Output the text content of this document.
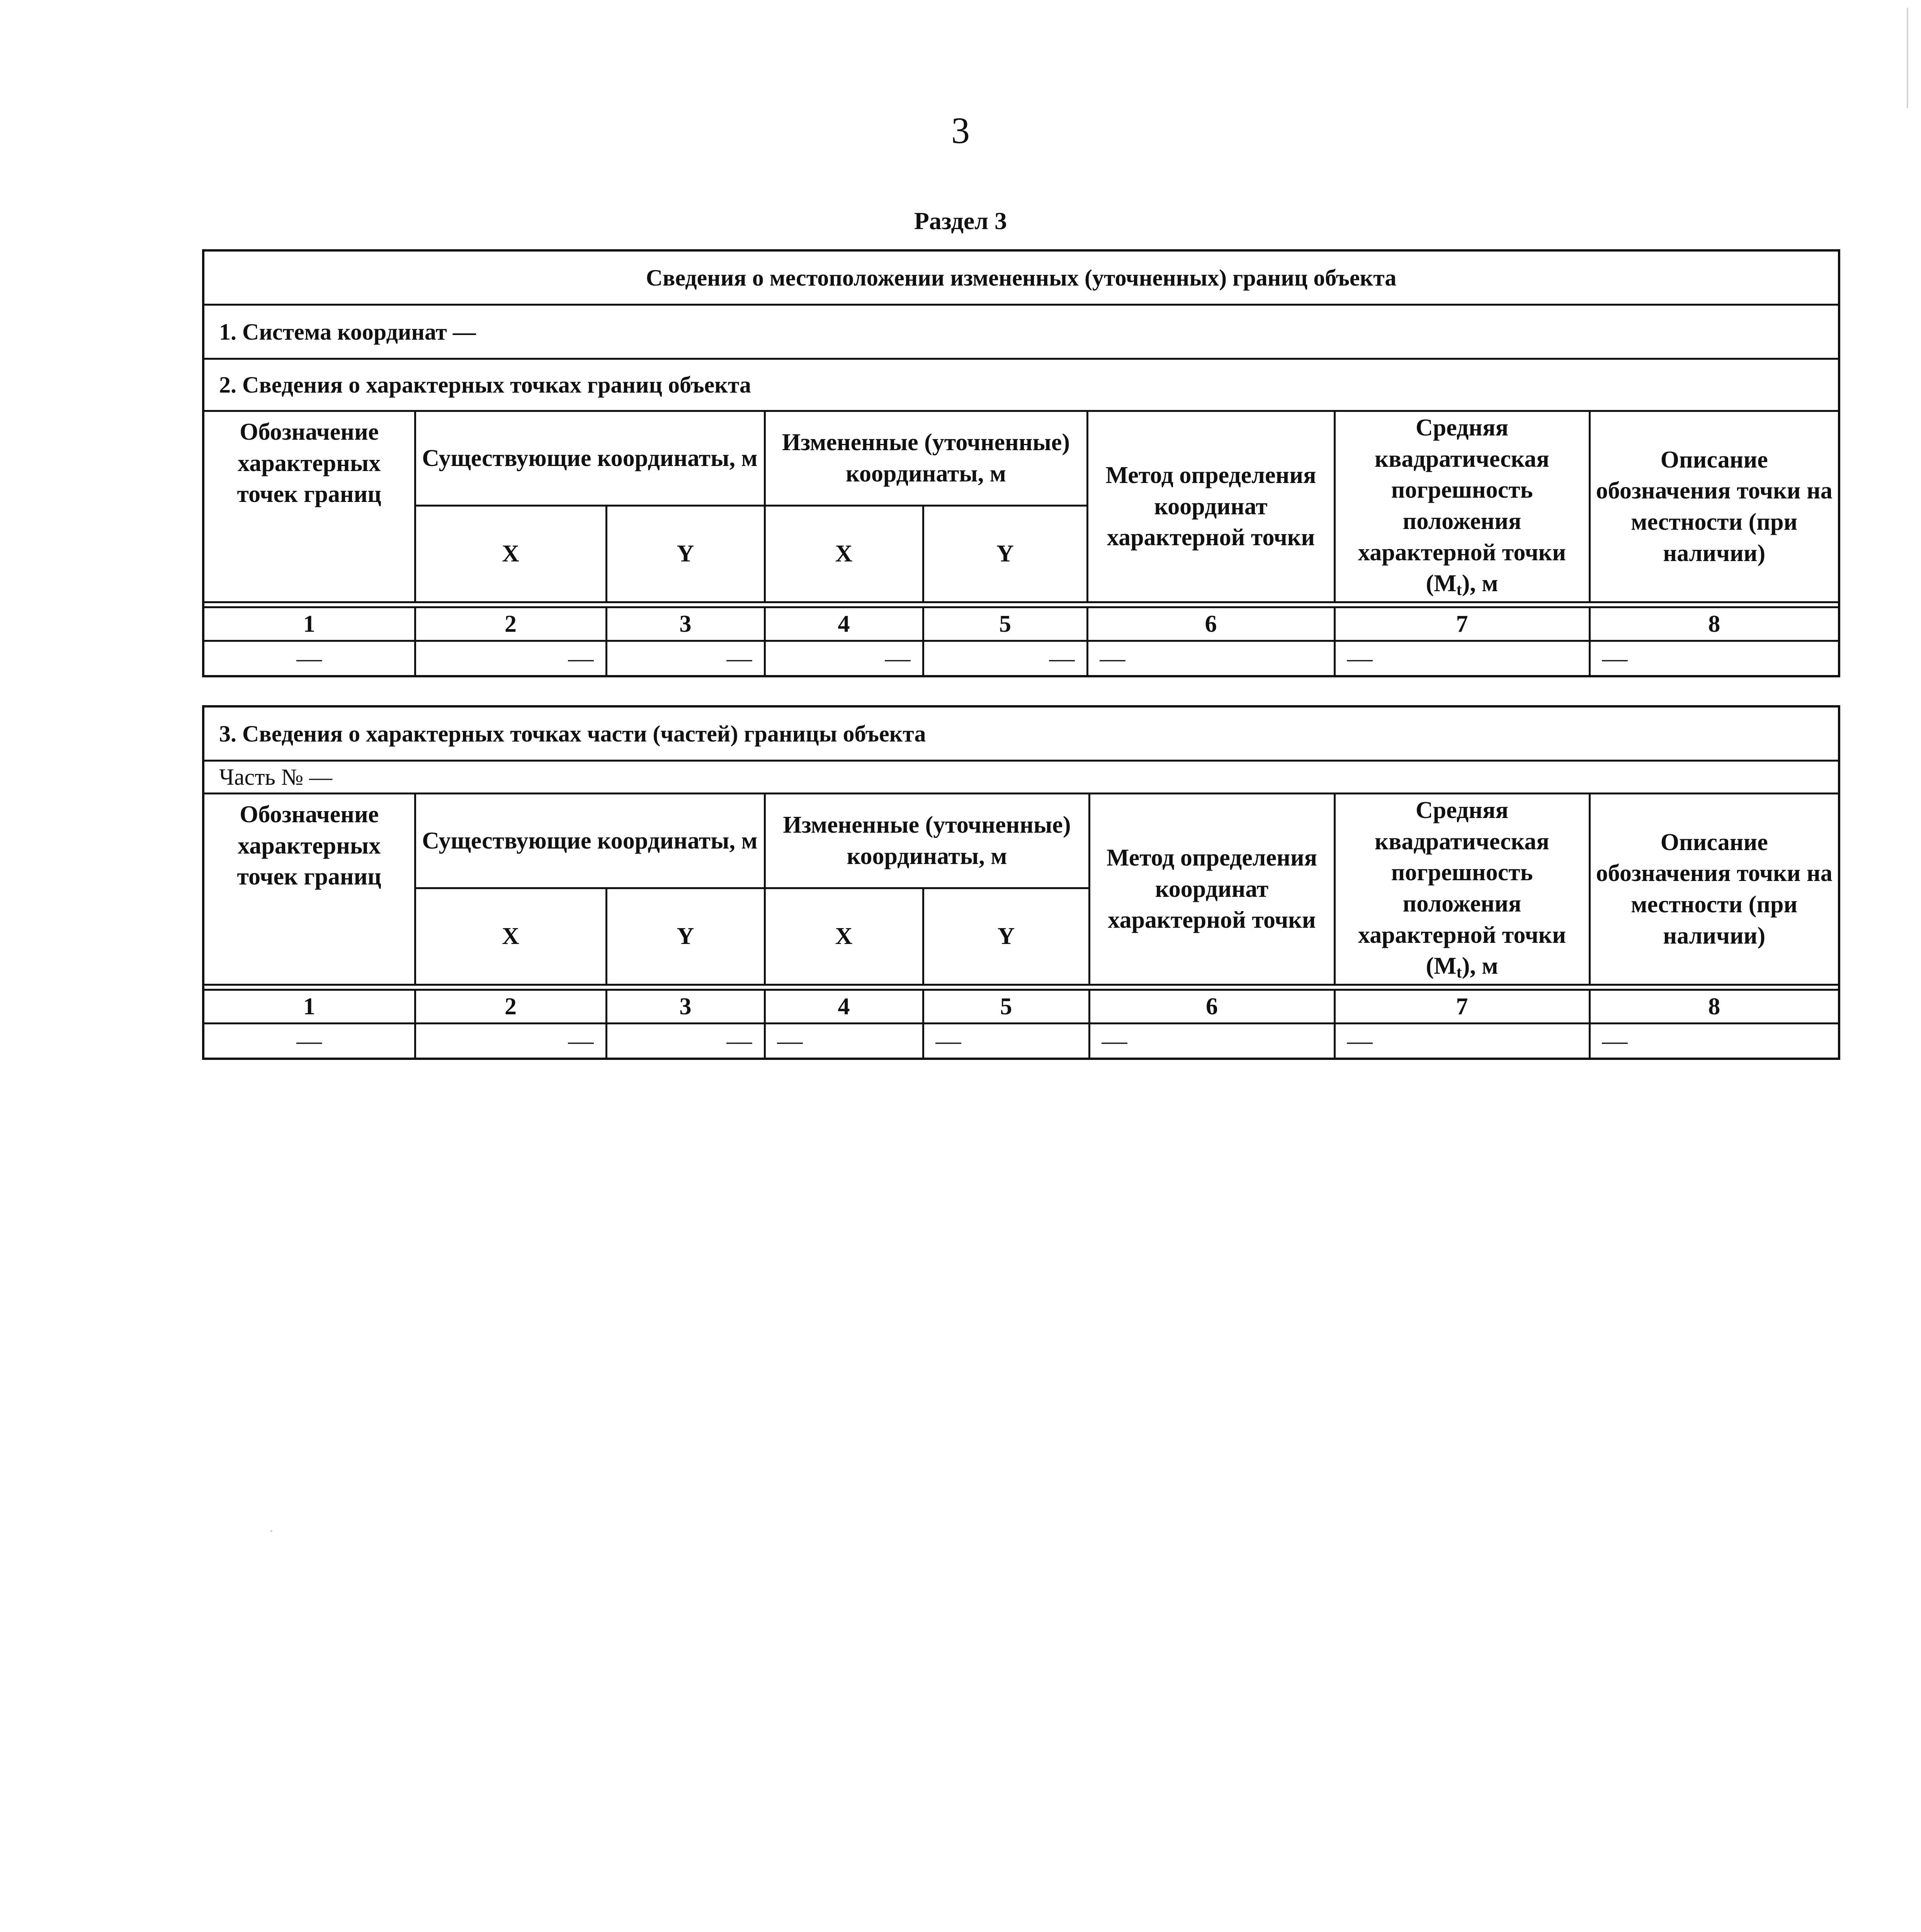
3
Раздел 3
Сведения о местоположении измененных (уточненных) границ объекта
1. Система координат —
2. Сведения о характерных точках границ объекта
Обозначение характерных точек границ	Существующие координаты, м		Измененные (уточненные) координаты, м		Метод определения координат характерной точки	Средняя квадратическая погрешность положения характерной точки $(M_t)$, м	Описание обозначения точки на местности (при наличии)
	X	Y	X	Y			

1	2	3	4	5	6	7	8
—	—	—	—	—	—	—	—
3. Сведения о характерных точках части (частей) границы объекта
Часть № —
Обозначение характерных точек границ	Существующие координаты, м		Измененные (уточненные) координаты, м		Метод определения координат характерной точки	Средняя квадратическая погрешность положения характерной точки $(M_t)$, м	Описание обозначения точки на местности (при наличии)
	X	Y	X	Y			

1	2	3	4	5	6	7	8
—	—	—	—	—	—	—	—
